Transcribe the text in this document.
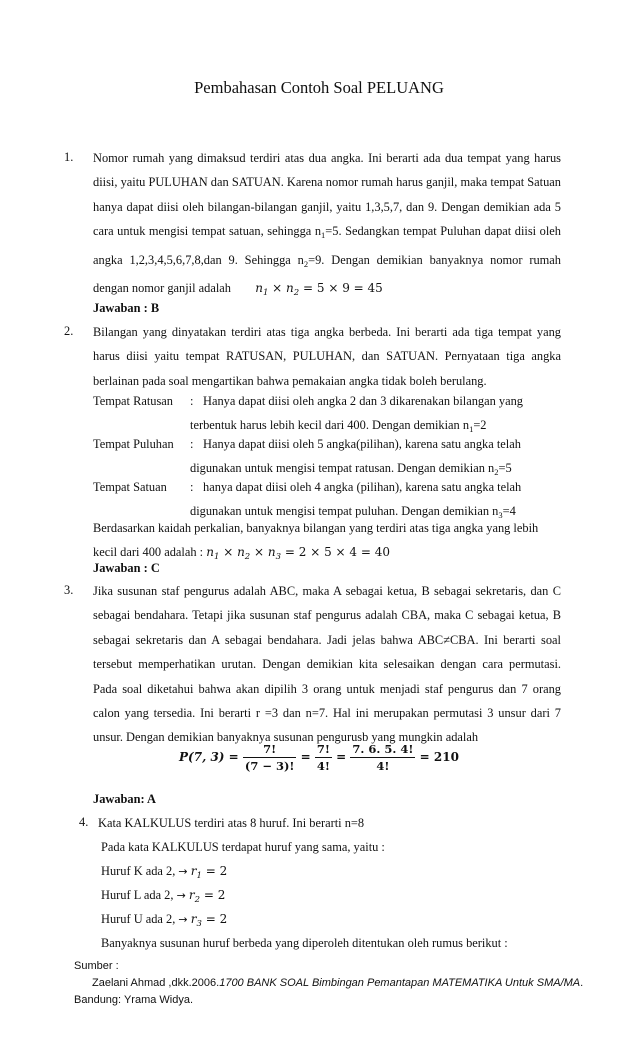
Pembahasan Contoh Soal PELUANG
1. Nomor rumah yang dimaksud terdiri atas dua angka. Ini berarti ada dua tempat yang harus diisi, yaitu PULUHAN dan SATUAN. Karena nomor rumah harus ganjil, maka tempat Satuan hanya dapat diisi oleh bilangan-bilangan ganjil, yaitu 1,3,5,7, dan 9. Dengan demikian ada 5 cara untuk mengisi tempat satuan, sehingga $n_1=5$. Sedangkan tempat Puluhan dapat diisi oleh angka 1,2,3,4,5,6,7,8,dan 9. Sehingga $n_2=9$. Dengan demikian banyaknya nomor rumah dengan nomor ganjil adalah	$n_1 \times n_2 = 5 \times 9 = 45$
Jawaban : B
2. Bilangan yang dinyatakan terdiri atas tiga angka berbeda. Ini berarti ada tiga tempat yang harus diisi yaitu tempat RATUSAN, PULUHAN, dan SATUAN. Pernyataan tiga angka berlainan pada soal mengartikan bahwa pemakaian angka tidak boleh berulang.
Tempat Ratusan	: Hanya dapat diisi oleh angka 2 dan 3 dikarenakan bilangan yang
terbentuk harus lebih kecil dari 400. Dengan demikian $n_1=2$
Tempat Puluhan	: Hanya dapat diisi oleh 5 angka(pilihan), karena satu angka telah
digunakan untuk mengisi tempat ratusan. Dengan demikian $n_2=5$
Tempat Satuan	: hanya dapat diisi oleh 4 angka (pilihan), karena satu angka telah
digunakan untuk mengisi tempat puluhan. Dengan demikian $n_3=4$
Berdasarkan kaidah perkalian, banyaknya bilangan yang terdiri atas tiga angka yang lebih
kecil dari 400 adalah : $n_1 \times n_2 \times n_3 = 2 \times 5 \times 4 = 40$
Jawaban : C
3. Jika susunan staf pengurus adalah ABC, maka A sebagai ketua, B sebagai sekretaris, dan C sebagai bendahara. Tetapi jika susunan staf pengurus adalah CBA, maka C sebagai ketua, B sebagai sekretaris dan A sebagai bendahara. Jadi jelas bahwa ABC≠CBA. Ini berarti soal tersebut memperhatikan urutan. Dengan demikian kita selesaikan dengan cara permutasi. Pada soal diketahui bahwa akan dipilih 3 orang untuk menjadi staf pengurus dan 7 orang calon yang tersedia. Ini berarti r =3 dan n=7. Hal ini merupakan permutasi 3 unsur dari 7 unsur. Dengan demikian banyaknya susunan pengurusb yang mungkin adalah
P(7, $3) = \frac{7!}{(7 - 3)!} = \frac{7!}{4!} = \frac{7. 6. 5. 4!}{4!} = 210$
Jawaban: A
4. Kata KALKULUS terdiri atas 8 huruf. Ini berarti n=8
Pada kata KALKULUS terdapat huruf yang sama, yaitu :
Huruf K ada 2, → $r_1 = 2$
Huruf L ada 2, → $r_2 = 2$
Huruf U ada 2, → $r_3 = 2$
Banyaknya susunan huruf berbeda yang diperoleh ditentukan oleh rumus berikut :
Sumber :
Zaelani Ahmad ,dkk.2006.1700 BANK SOAL Bimbingan Pemantapan MATEMATIKA Untuk SMA/MA.
Bandung: Yrama Widya.
